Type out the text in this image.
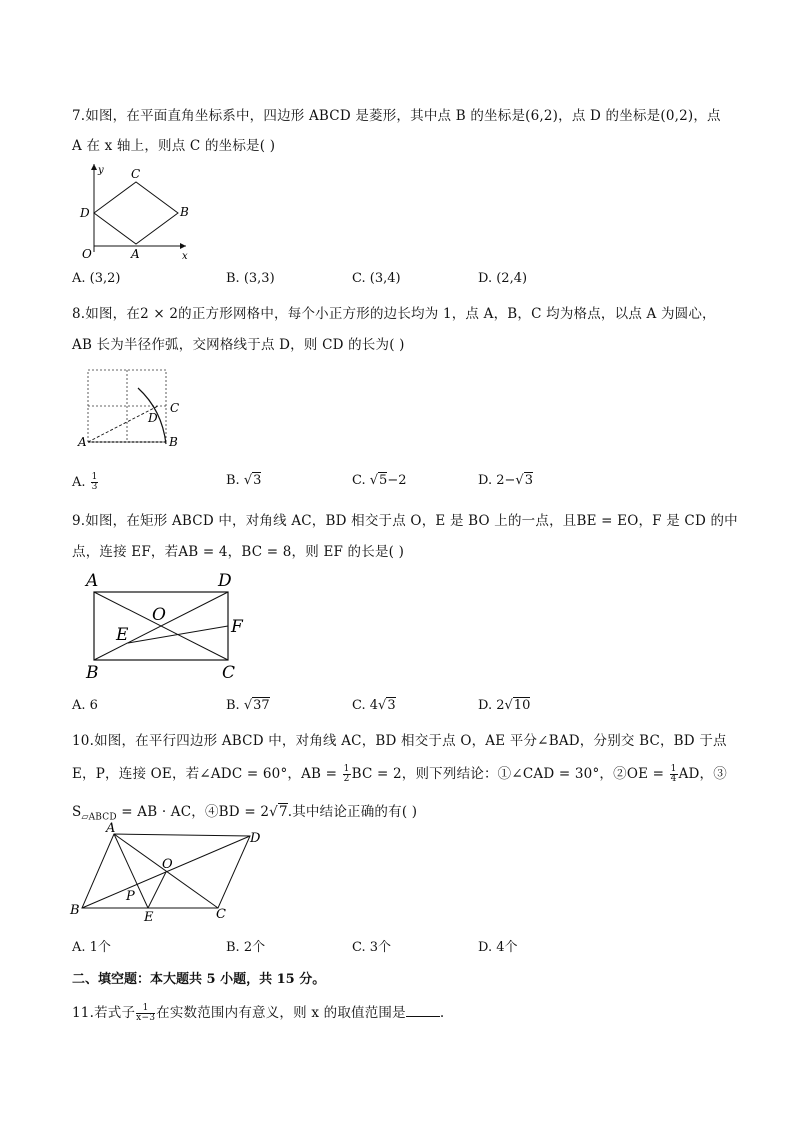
7.如图，在平面直角坐标系中，四边形 ABCD 是菱形，其中点 B 的坐标是(6,2)，点 D 的坐标是(0,2)，点
A 在 x 轴上，则点 C 的坐标是( )
y
x
O	A
B
C
D
A. (3,2)	B. (3,3)	C. (3,4)	D. (2,4)
8.如图，在2 × 2的正方形网格中，每个小正方形的边长均为 1，点 A，B，C 均为格点，以点 A 为圆心，
AB 长为半径作弧，交网格线于点 D，则 CD 的长为( )
A	B
C
D
A. $\frac{1}{3}$	B. √3	C. √5−2	D. 2−√3
9.如图，在矩形 ABCD 中，对角线 AC，BD 相交于点 O，E 是 BO 上的一点，且BE = EO，F 是 CD 的中
点，连接 EF，若AB = 4，BC = 8，则 EF 的长是( )
A	D
B	C
O
E	F
A. 6	B. √37	C. 4√3	D. 2√10
10.如图，在平行四边形 ABCD 中，对角线 AC，BD 相交于点 O，AE 平分∠BAD，分别交 BC，BD 于点
E，P，连接 OE，若∠ADC = 60°，AB = $\frac{1}{2}$ BC = 2，则下列结论：①∠CAD = 30°，②OE = $\frac{1}{4}$ AD，③
$S_{▱ABCD}$ = AB · AC，④BD = 2√7.其中结论正确的有( )
A
D
B	C
O
E
P
A. 1个	B. 2个	C. 3个	D. 4个
二、填空题：本大题共 5 小题，共 15 分。
11.若式子 $\frac{1}{x-3}$ 在实数范围内有意义，则 x 的取值范围是	.
